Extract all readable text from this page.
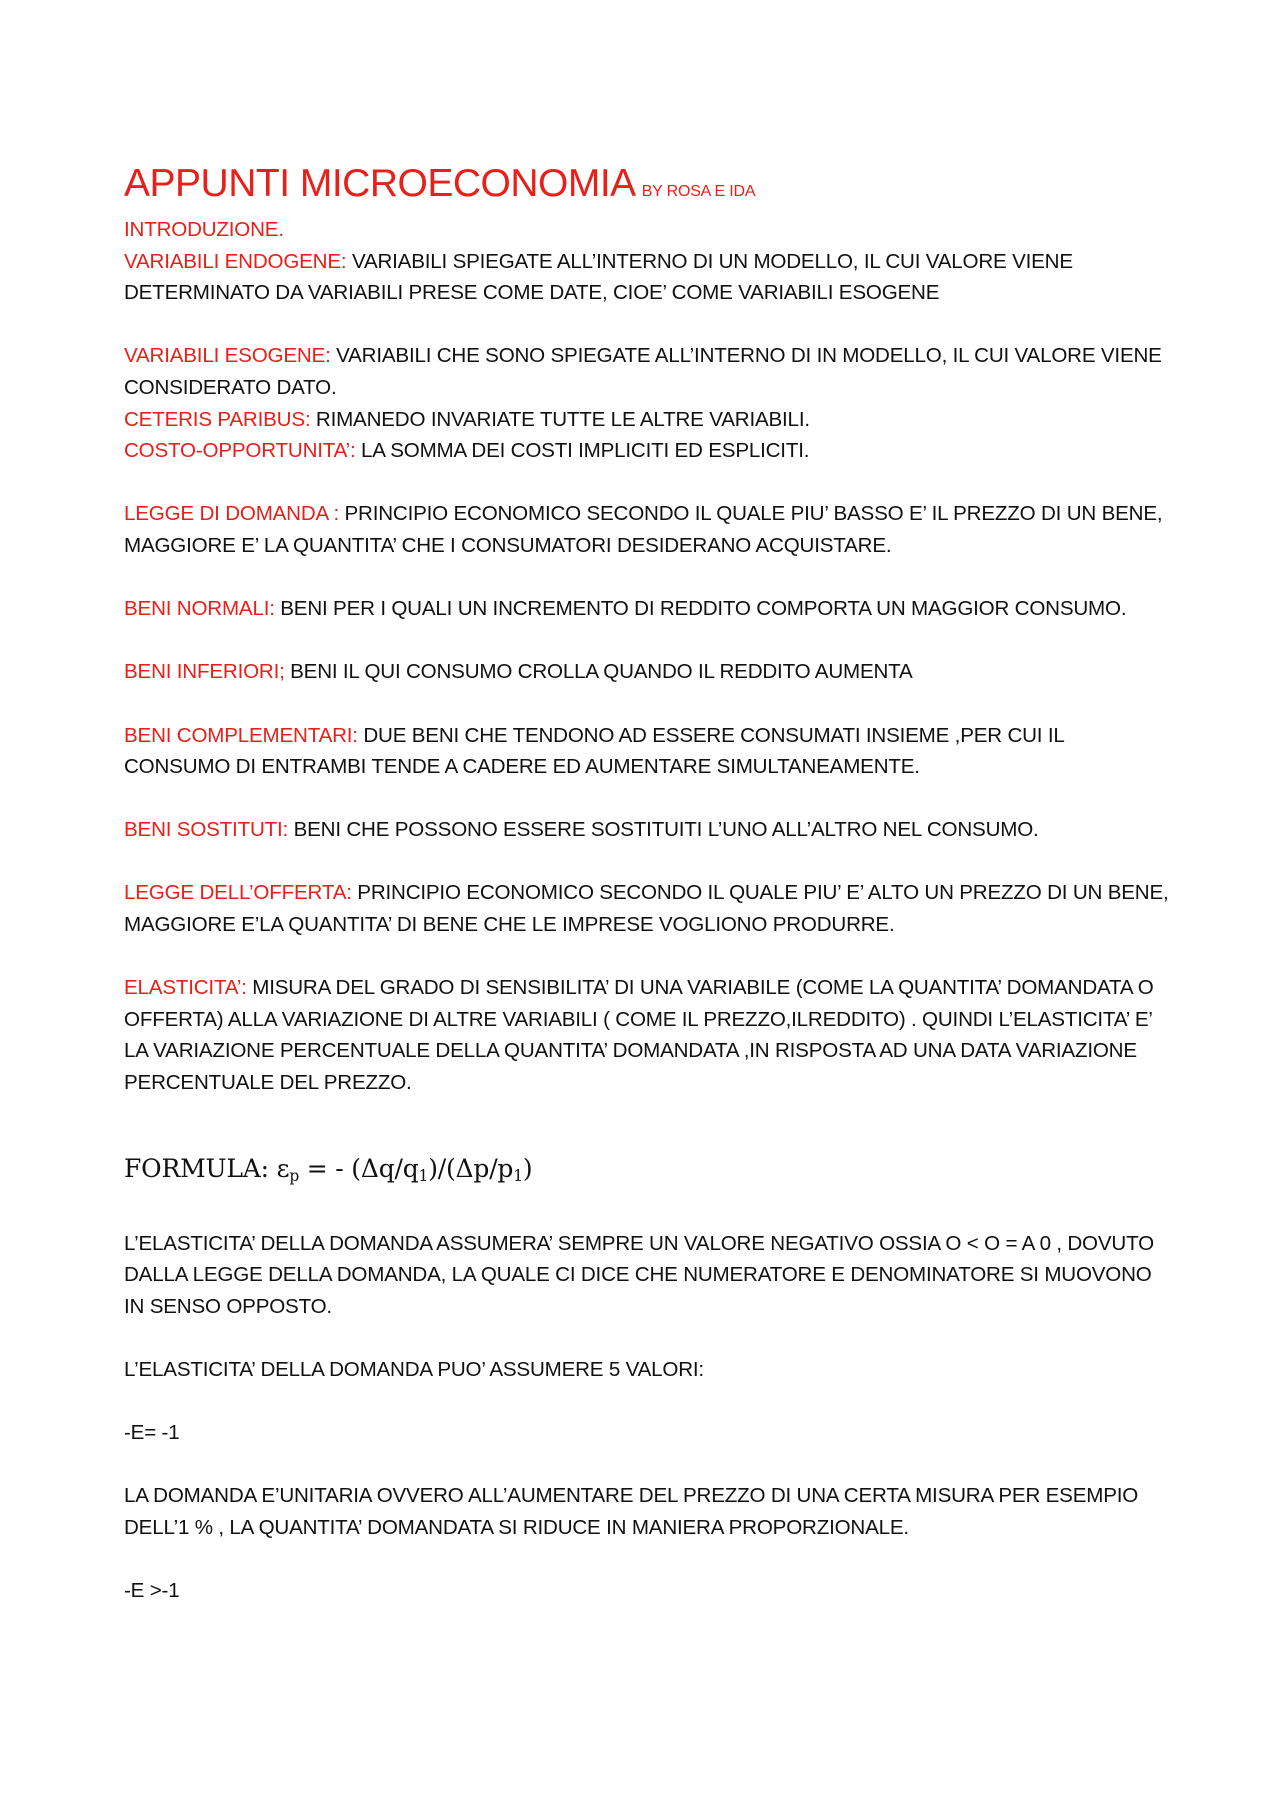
APPUNTI MICROECONOMIA BY ROSA E IDA

INTRODUZIONE.

VARIABILI ENDOGENE: VARIABILI SPIEGATE ALL’INTERNO DI UN MODELLO, IL CUI VALORE VIENE DETERMINATO DA VARIABILI PRESE COME DATE, CIOE’ COME VARIABILI ESOGENE

VARIABILI ESOGENE: VARIABILI CHE SONO SPIEGATE ALL’INTERNO DI IN MODELLO, IL CUI VALORE VIENE CONSIDERATO DATO.

CETERIS PARIBUS: RIMANEDO INVARIATE TUTTE LE ALTRE VARIABILI.

COSTO-OPPORTUNITA’: LA SOMMA DEI COSTI IMPLICITI ED ESPLICITI.

LEGGE DI DOMANDA : PRINCIPIO ECONOMICO SECONDO IL QUALE PIU’ BASSO E’ IL PREZZO DI UN BENE, MAGGIORE E’ LA QUANTITA’ CHE I CONSUMATORI DESIDERANO ACQUISTARE.

BENI NORMALI: BENI PER I QUALI UN INCREMENTO DI REDDITO COMPORTA UN MAGGIOR CONSUMO.

BENI INFERIORI; BENI IL QUI CONSUMO CROLLA QUANDO IL REDDITO AUMENTA

BENI COMPLEMENTARI: DUE BENI CHE TENDONO AD ESSERE CONSUMATI INSIEME ,PER CUI IL CONSUMO DI ENTRAMBI TENDE A CADERE ED AUMENTARE SIMULTANEAMENTE.

BENI SOSTITUTI: BENI CHE POSSONO ESSERE SOSTITUITI L’UNO ALL’ALTRO NEL CONSUMO.

LEGGE DELL’OFFERTA: PRINCIPIO ECONOMICO SECONDO IL QUALE PIU’ E’ ALTO UN PREZZO DI UN BENE, MAGGIORE E’LA QUANTITA’ DI BENE CHE LE IMPRESE VOGLIONO PRODURRE.

ELASTICITA’: MISURA DEL GRADO DI SENSIBILITA’ DI UNA VARIABILE (COME LA QUANTITA’ DOMANDATA O OFFERTA) ALLA VARIAZIONE DI ALTRE VARIABILI ( COME IL PREZZO,ILREDDITO) . QUINDI L’ELASTICITA’ E’ LA VARIAZIONE PERCENTUALE DELLA QUANTITA’ DOMANDATA ,IN RISPOSTA AD UNA DATA VARIAZIONE PERCENTUALE DEL PREZZO.

FORMULA: $\varepsilon_p$ = - $(\Delta q/q_1)/(\Delta p/p_1)$

L’ELASTICITA’ DELLA DOMANDA ASSUMERA’ SEMPRE UN VALORE NEGATIVO OSSIA O < O = A 0 , DOVUTO DALLA LEGGE DELLA DOMANDA, LA QUALE CI DICE CHE NUMERATORE E DENOMINATORE SI MUOVONO IN SENSO OPPOSTO.

L’ELASTICITA’ DELLA DOMANDA PUO’ ASSUMERE 5 VALORI:

-E= -1

LA DOMANDA E’UNITARIA OVVERO ALL’AUMENTARE DEL PREZZO DI UNA CERTA MISURA PER ESEMPIO DELL’1 % , LA QUANTITA’ DOMANDATA SI RIDUCE IN MANIERA PROPORZIONALE.

-E >-1
